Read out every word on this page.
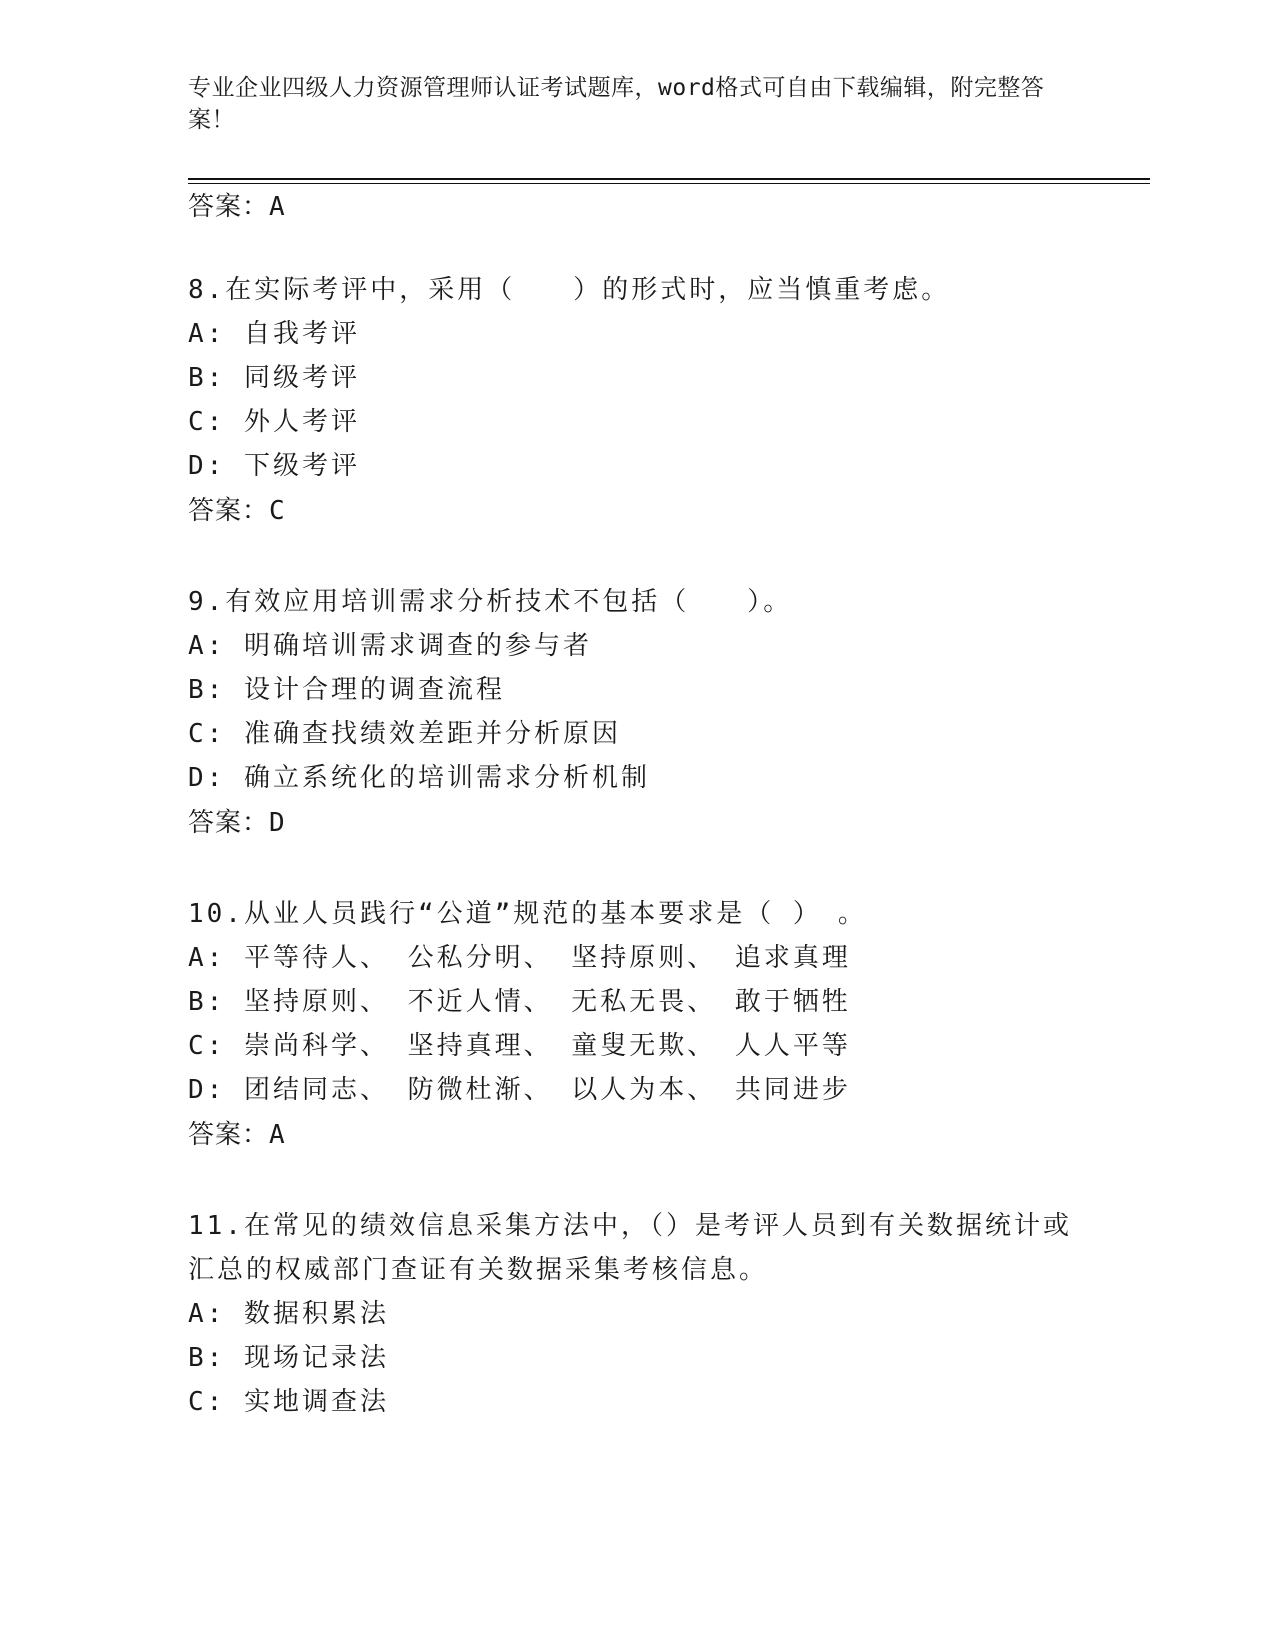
专业企业四级人力资源管理师认证考试题库，word格式可自由下载编辑，附完整答案！

答案：A

8.在实际考评中，采用（　　）的形式时，应当慎重考虑。

A: 自我考评

B: 同级考评

C: 外人考评

D: 下级考评

答案：C

9.有效应用培训需求分析技术不包括（　　）。

A: 明确培训需求调查的参与者

B: 设计合理的调查流程

C: 准确查找绩效差距并分析原因

D: 确立系统化的培训需求分析机制

答案：D

10.从业人员践行“公道”规范的基本要求是（ ）　。

A: 平等待人、 公私分明、 坚持原则、 追求真理

B: 坚持原则、 不近人情、 无私无畏、 敢于牺牲

C: 崇尚科学、 坚持真理、 童叟无欺、 人人平等

D: 团结同志、 防微杜渐、 以人为本、 共同进步

答案：A

11.在常见的绩效信息采集方法中，（）是考评人员到有关数据统计或

汇总的权威部门查证有关数据采集考核信息。

A: 数据积累法

B: 现场记录法

C: 实地调查法
